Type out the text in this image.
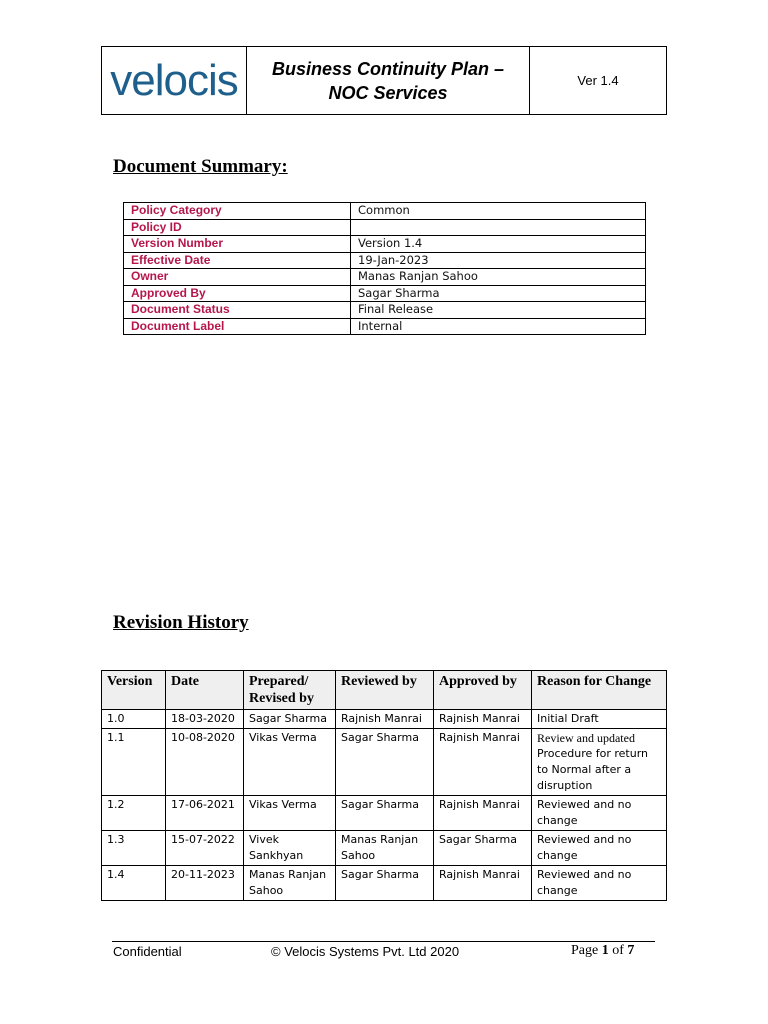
velocis	Business Continuity Plan –
NOC Services
	Ver 1.4
Document Summary:
Policy Category	Common
Policy ID	
Version Number	Version 1.4
Effective Date	19-Jan-2023
Owner	Manas Ranjan Sahoo
Approved By	Sagar Sharma
Document Status	Final Release
Document Label	Internal
Revision History
Version	Date	Prepared/ Revised by	Reviewed by	Approved by	Reason for Change
1.0	18-03-2020	Sagar Sharma	Rajnish Manrai	Rajnish Manrai	Initial Draft

1.1	10-08-2020	Vikas Verma	Sagar Sharma	Rajnish Manrai	Review and updated
Procedure for return to Normal after a disruption

1.2	17-06-2021	Vikas Verma	Sagar Sharma	Rajnish Manrai	Reviewed and no change

1.3	15-07-2022	Vivek Sankhyan	Manas Ranjan Sahoo	Sagar Sharma	Reviewed and no change

1.4	20-11-2023	Manas Ranjan Sahoo	Sagar Sharma	Rajnish Manrai	Reviewed and no change
Confidential	© Velocis Systems Pvt. Ltd 2020	Page 1 of 7
